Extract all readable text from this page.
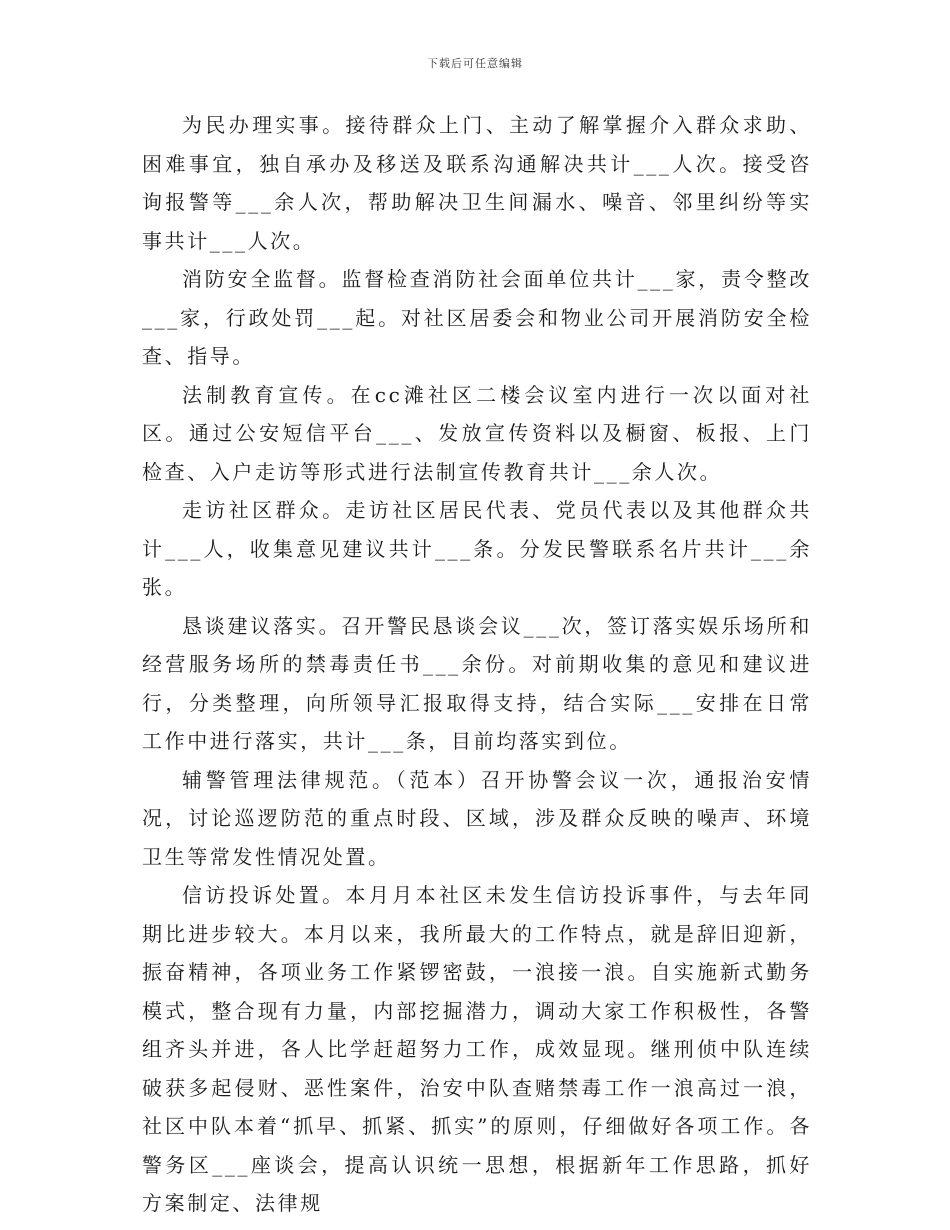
下载后可任意编辑

为民办理实事。接待群众上门、主动了解掌握介入群众求助、困难事宜，独自承办及移送及联系沟通解决共计___人次。接受咨询报警等___余人次，帮助解决卫生间漏水、噪音、邻里纠纷等实事共计___人次。

消防安全监督。监督检查消防社会面单位共计___家，责令整改___家，行政处罚___起。对社区居委会和物业公司开展消防安全检查、指导。

法制教育宣传。在cc滩社区二楼会议室内进行一次以面对社区。通过公安短信平台___、发放宣传资料以及橱窗、板报、上门检查、入户走访等形式进行法制宣传教育共计___余人次。

走访社区群众。走访社区居民代表、党员代表以及其他群众共计___人，收集意见建议共计___条。分发民警联系名片共计___余张。

恳谈建议落实。召开警民恳谈会议___次，签订落实娱乐场所和经营服务场所的禁毒责任书___余份。对前期收集的意见和建议进行，分类整理，向所领导汇报取得支持，结合实际___安排在日常工作中进行落实，共计___条，目前均落实到位。

辅警管理法律规范。（范本）召开协警会议一次，通报治安情况，讨论巡逻防范的重点时段、区域，涉及群众反映的噪声、环境卫生等常发性情况处置。

信访投诉处置。本月月本社区未发生信访投诉事件，与去年同期比进步较大。本月以来，我所最大的工作特点，就是辞旧迎新，振奋精神，各项业务工作紧锣密鼓，一浪接一浪。自实施新式勤务模式，整合现有力量，内部挖掘潜力，调动大家工作积极性，各警组齐头并进，各人比学赶超努力工作，成效显现。继刑侦中队连续破获多起侵财、恶性案件，治安中队查赌禁毒工作一浪高过一浪，社区中队本着“抓早、抓紧、抓实”的原则，仔细做好各项工作。各警务区___座谈会，提高认识统一思想，根据新年工作思路，抓好方案制定、法律规
